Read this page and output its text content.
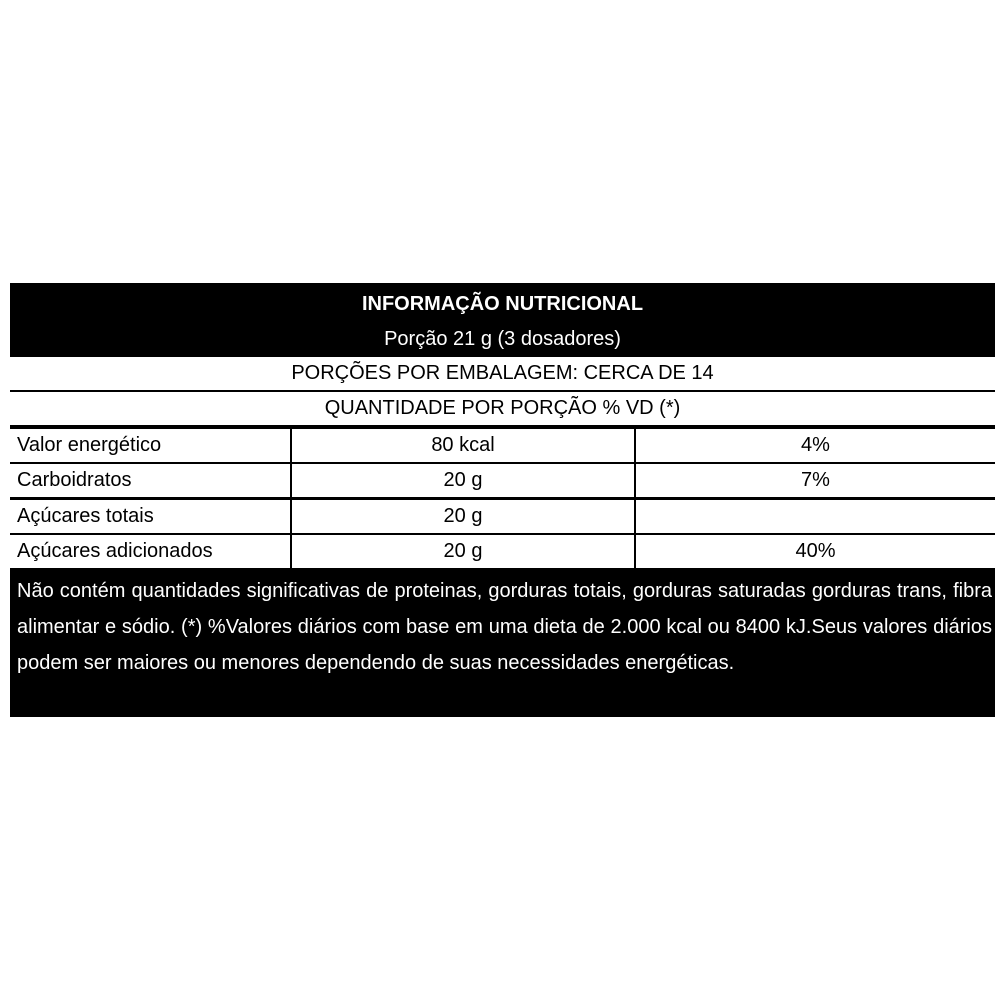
INFORMAÇÃO NUTRICIONAL
Porção 21 g (3 dosadores)
PORÇÕES POR EMBALAGEM: CERCA DE 14
QUANTIDADE POR PORÇÃO % VD (*)
Valor energético	80 kcal	4%
Carboidratos	20 g	7%
Açúcares totais	20 g
Açúcares adicionados	20 g	40%
Não contém quantidades significativas de proteinas, gorduras totais, gorduras saturadas gorduras trans, fibra alimentar e sódio. (*) %Valores diários com base em uma dieta de 2.000 kcal ou 8400 kJ.Seus valores diários podem ser maiores ou menores dependendo de suas necessidades energéticas.
